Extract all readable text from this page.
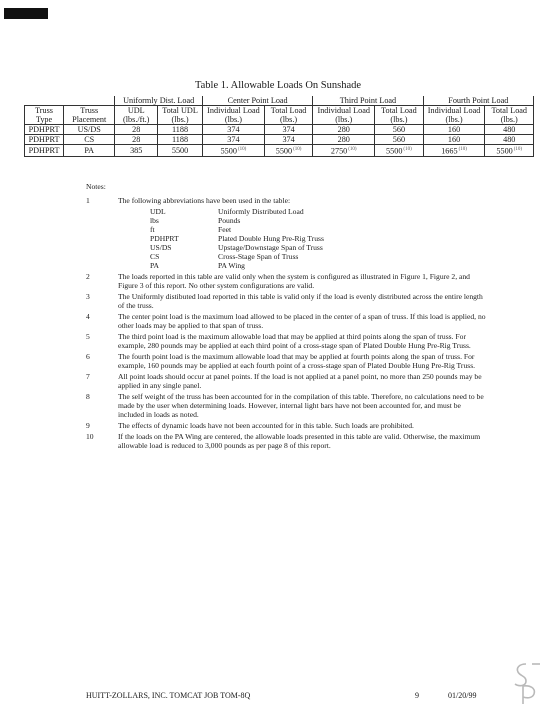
Table 1. Allowable Loads On Sunshade
		Uniformly Dist. Load		Center Point Load		Third Point Load		Fourth Point Load	
Truss Type	Truss Placement	UDL (lbs./ft.)	Total UDL (lbs.)	Individual Load (lbs.)	Total Load (lbs.)	Individual Load (lbs.)	Total Load (lbs.)	Individual Load (lbs.)	Total Load (lbs.)
PDHPRT	US/DS	28	1188	374	374	280	560	160	480
PDHPRT	CS	28	1188	374	374	280	560	160	480
PDHPRT	PA	385	5500	5500$^{(10)}$	5500$^{(10)}$	2750$^{(10)}$	5500$^{(10)}$	1665$^{(10)}$	5500$^{(10)}$
Notes:
1	The following abbreviations have been used in the table:
UDL	Uniformly Distributed Load
lbs	Pounds
ft	Feet
PDHPRT	Plated Double Hung Pre-Rig Truss
US/DS	Upstage/Downstage Span of Truss
CS	Cross-Stage Span of Truss
PA	PA Wing
2	The loads reported in this table are valid only when the system is configured as illustrated in Figure 1, Figure 2, and Figure 3 of this report. No other system configurations are valid.
3	The Uniformly distibuted load reported in this table is valid only if the load is evenly distributed across the entire length of the truss.
4	The center point load is the maximum load allowed to be placed in the center of a span of truss. If this load is applied, no other loads may be applied to that span of truss.
5	The third point load is the maximum allowable load that may be applied at third points along the span of truss. For example, 280 pounds may be applied at each third point of a cross-stage span of Plated Double Hung Pre-Rig Truss.
6	The fourth point load is the maximum allowable load that may be applied at fourth points along the span of truss. For example, 160 pounds may be applied at each fourth point of a cross-stage span of Plated Double Hung Pre-Rig Truss.
7	All point loads should occur at panel points. If the load is not applied at a panel point, no more than 250 pounds may be applied in any single panel.
8	The self weight of the truss has been accounted for in the compilation of this table. Therefore, no calculations need to be made by the user when determining loads. However, internal light bars have not been accounted for, and must be included in loads as noted.
9	The effects of dynamic loads have not been accounted for in this table. Such loads are prohibited.
10	If the loads on the PA Wing are centered, the allowable loads presented in this table are valid. Otherwise, the maximum allowable load is reduced to 3,000 pounds as per page 8 of this report.
HUITT-ZOLLARS, INC. TOMCAT JOB TOM-8Q	9	01/20/99
